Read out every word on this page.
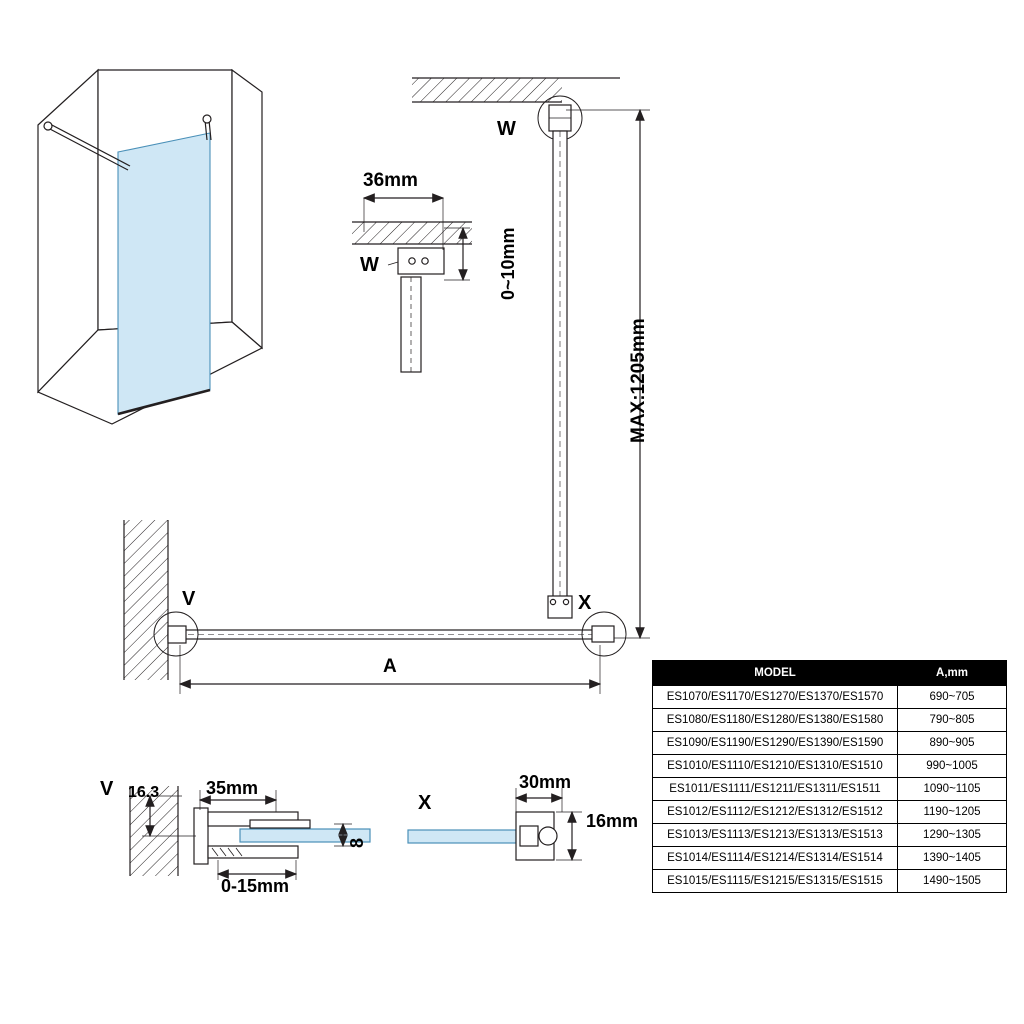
W
36mm
W	0~10mm
MAX:1205mm
V	X
A
V 16.3	35mm
8
0-15mm
X
30mm
16mm
MODEL	A,mm
ES1070/ES1170/ES1270/ES1370/ES1570	690~705
ES1080/ES1180/ES1280/ES1380/ES1580	790~805
ES1090/ES1190/ES1290/ES1390/ES1590	890~905
ES1010/ES1110/ES1210/ES1310/ES1510	990~1005
ES1011/ES1111/ES1211/ES1311/ES1511	1090~1105
ES1012/ES1112/ES1212/ES1312/ES1512	1190~1205
ES1013/ES1113/ES1213/ES1313/ES1513	1290~1305
ES1014/ES1114/ES1214/ES1314/ES1514	1390~1405
ES1015/ES1115/ES1215/ES1315/ES1515	1490~1505
